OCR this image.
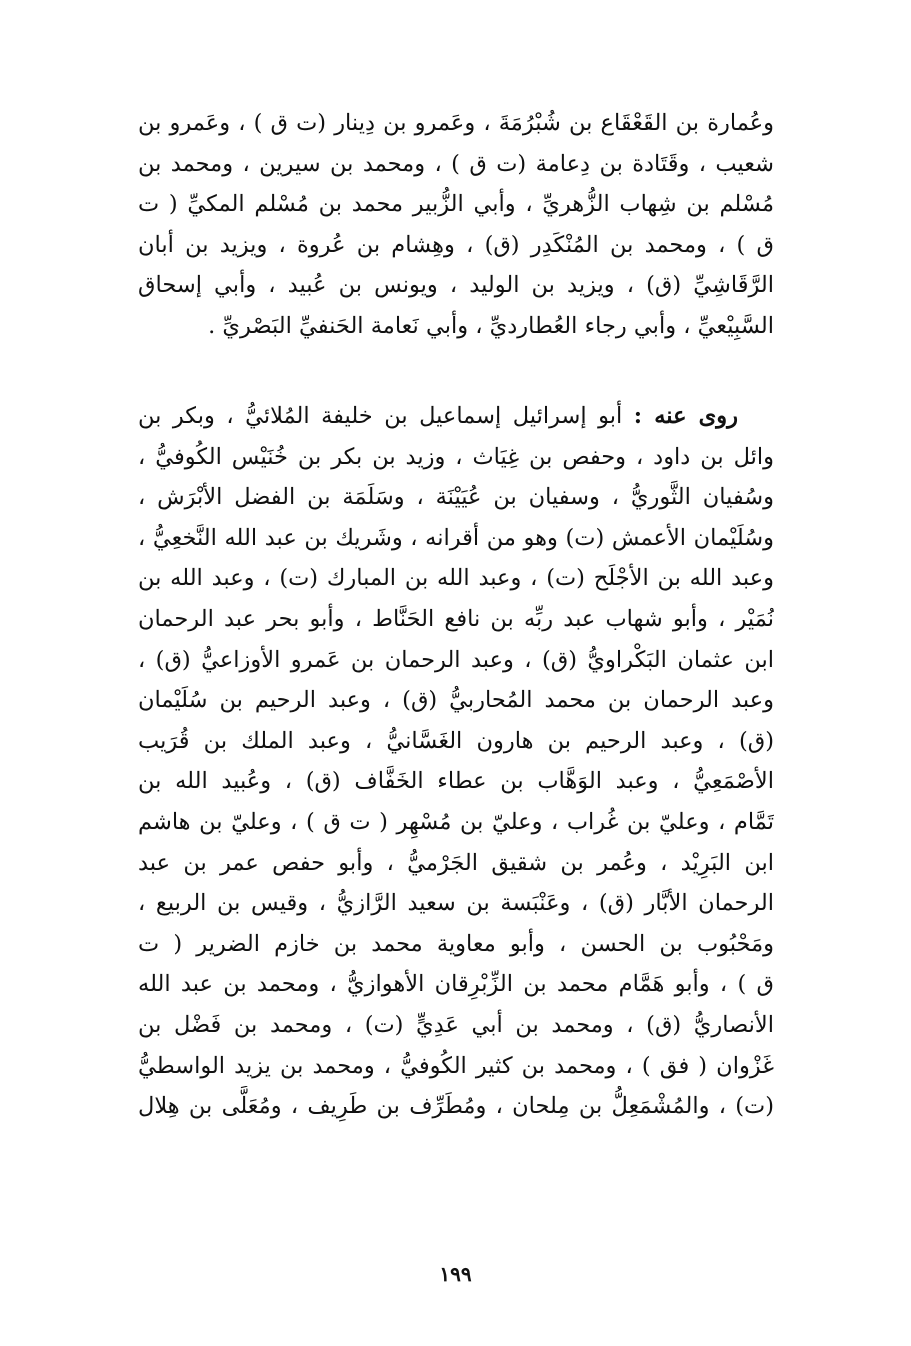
وعُمارة بن القَعْقَاع بن شُبْرُمَةَ ، وعَمرو بن دِينار (ت ق ) ، وعَمرو بن
شعيب ، وقَتَادة بن دِعامة (ت ق ) ، ومحمد بن سيرين ، ومحمد بن
مُسْلم بن شِهاب الزُّهريِّ ، وأبي الزُّبير محمد بن مُسْلم المكيِّ ( ت
ق ) ، ومحمد بن المُنْكَدِر (ق) ، وهِشام بن عُروة ، ويزيد بن أبان
الرَّقَاشِيِّ (ق) ، ويزيد بن الوليد ، ويونس بن عُبيد ، وأبي إسحاق
السَّبِيْعيِّ ، وأبي رجاء العُطارديِّ ، وأبي نَعامة الحَنفيِّ البَصْريِّ .
روى عنه : أبو إسرائيل إسماعيل بن خليفة المُلائيُّ ، وبكر بن
وائل بن داود ، وحفص بن غِيَاث ، وزيد بن بكر بن خُنَيْس الكُوفيُّ ،
وسُفيان الثَّوريُّ ، وسفيان بن عُيَيْنَة ، وسَلَمَة بن الفضل الأبْرَش ،
وسُلَيْمان الأعمش (ت) وهو من أقرانه ، وشَريك بن عبد الله النَّخعِيُّ ،
وعبد الله بن الأجْلَح (ت) ، وعبد الله بن المبارك (ت) ، وعبد الله بن
نُمَيْر ، وأبو شهاب عبد ربِّه بن نافع الحَنَّاط ، وأبو بحر عبد الرحمان
ابن عثمان البَكْراويُّ (ق) ، وعبد الرحمان بن عَمرو الأوزاعيُّ (ق) ،
وعبد الرحمان بن محمد المُحاربيُّ (ق) ، وعبد الرحيم بن سُلَيْمان
(ق) ، وعبد الرحيم بن هارون الغَسَّانيُّ ، وعبد الملك بن قُرَيب
الأصْمَعِيُّ ، وعبد الوَهَّاب بن عطاء الخَفَّاف (ق) ، وعُبيد الله بن
تَمَّام ، وعليّ بن غُراب ، وعليّ بن مُسْهِر ( ت ق ) ، وعليّ بن هاشم
ابن البَرِيْد ، وعُمر بن شقيق الجَرْميُّ ، وأبو حفص عمر بن عبد
الرحمان الأبَّار (ق) ، وعَنْبَسة بن سعيد الرَّازيُّ ، وقيس بن الربيع ،
ومَحْبُوب بن الحسن ، وأبو معاوية محمد بن خازم الضرير ( ت
ق ) ، وأبو هَمَّام محمد بن الزِّبْرِقان الأهوازيُّ ، ومحمد بن عبد الله
الأنصاريُّ (ق) ، ومحمد بن أبي عَدِيٍّ (ت) ، ومحمد بن فَضْل بن
غَزْوان ( فق ) ، ومحمد بن كثير الكُوفيُّ ، ومحمد بن يزيد الواسطيُّ
(ت) ، والمُشْمَعِلُّ بن مِلحان ، ومُطَرِّف بن طَرِيف ، ومُعَلَّى بن هِلال
١٩٩
